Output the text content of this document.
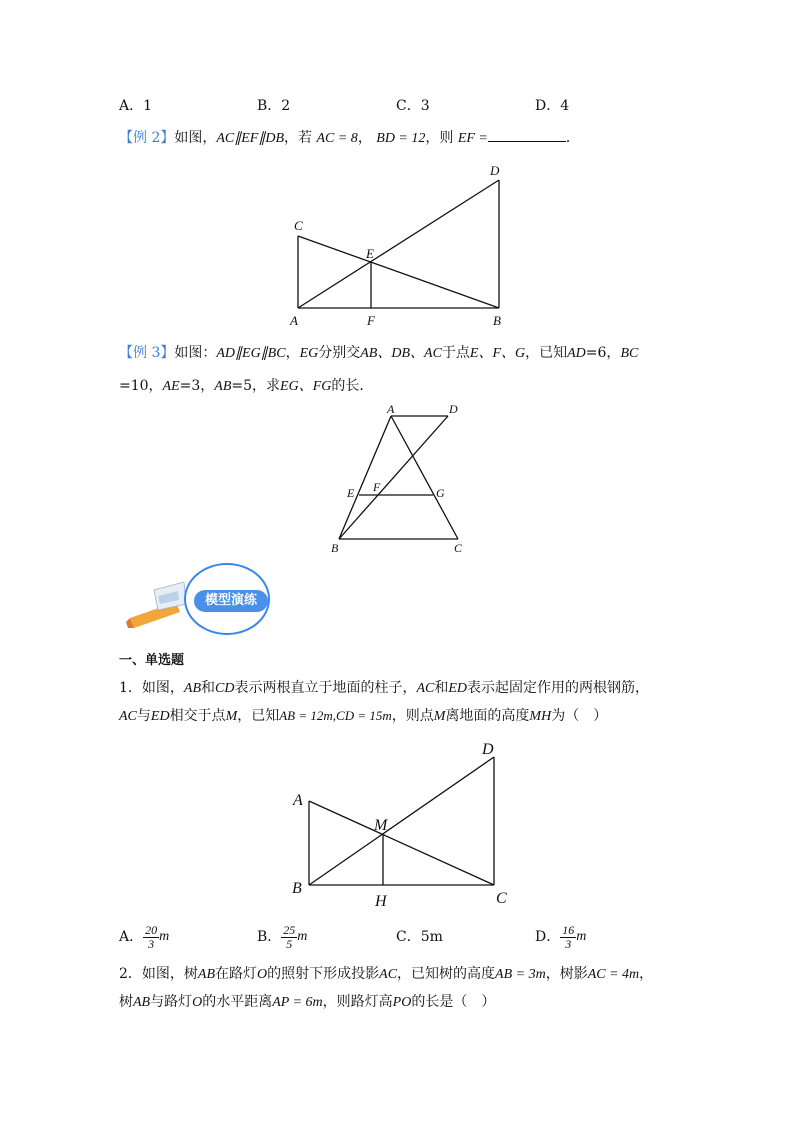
A．1	B．2	C．3	D．4
【例 2】如图，AC∥EF∥DB，若 AC = 8， BD = 12，则 EF =	．
C
D
E
A	F	B
【例 3】如图：AD∥EG∥BC，EG分别交AB、DB、AC于点E、F、G，已知AD=6，BC
=10，AE=3，AB=5，求EG、FG的长．
A	D
E F	G
B	C
模型演练
一、单选题
1．如图，AB和CD表示两根直立于地面的柱子，AC和ED表示起固定作用的两根钢筋，
AC与ED相交于点M，已知AB = 12m,CD = 15m，则点M离地面的高度MH为（　）
A
B
C
D
M
H
A． $\frac{20}{3}$ m	B． $\frac{25}{5}$ m	C． 5m	D． $\frac{16}{3}$ m
2．如图，树AB在路灯O的照射下形成投影AC，已知树的高度AB = 3m，树影AC = 4m，
树AB与路灯O的水平距离AP = 6m，则路灯高PO的长是（　）
